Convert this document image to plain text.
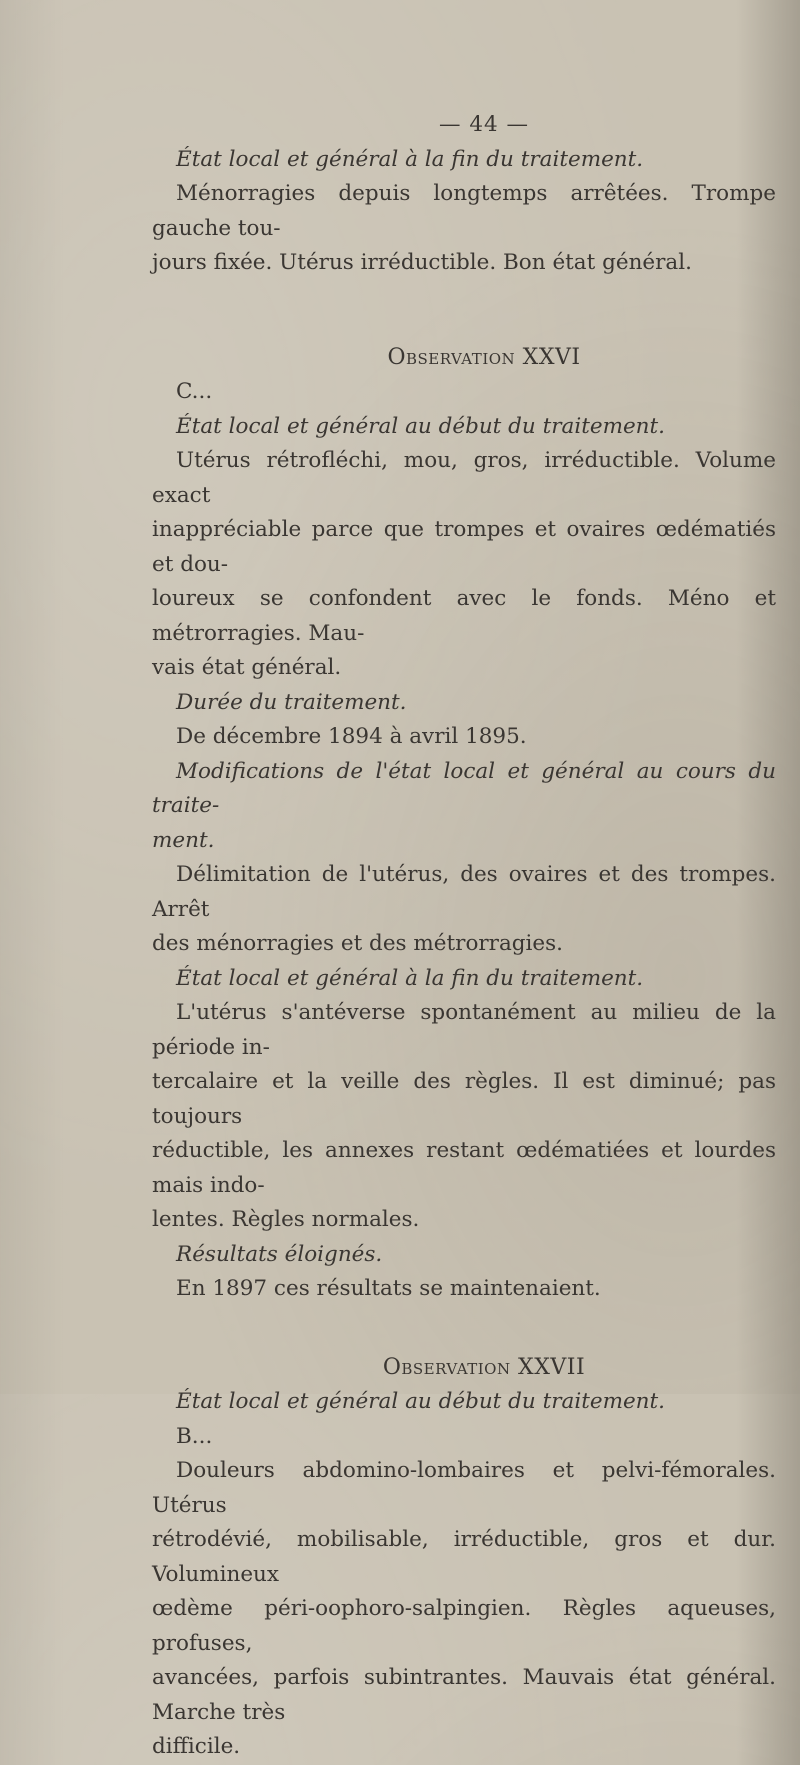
— 44 —

État local et général à la fin du traitement.

Ménorragies depuis longtemps arrêtées. Trompe gauche tou-

jours fixée. Utérus irréductible. Bon état général.

Observation XXVI

C...

État local et général au début du traitement.

Utérus rétrofléchi, mou, gros, irréductible. Volume exact

inappréciable parce que trompes et ovaires œdématiés et dou-

loureux se confondent avec le fonds. Méno et métrorragies. Mau-

vais état général.

Durée du traitement.

De décembre 1894 à avril 1895.

Modifications de l'état local et général au cours du traite-

ment.

Délimitation de l'utérus, des ovaires et des trompes. Arrêt

des ménorragies et des métrorragies.

État local et général à la fin du traitement.

L'utérus s'antéverse spontanément au milieu de la période in-

tercalaire et la veille des règles. Il est diminué; pas toujours

réductible, les annexes restant œdématiées et lourdes mais indo-

lentes. Règles normales.

Résultats éloignés.

En 1897 ces résultats se maintenaient.

Observation XXVII

État local et général au début du traitement.

B...

Douleurs abdomino-lombaires et pelvi-fémorales. Utérus

rétrodévié, mobilisable, irréductible, gros et dur. Volumineux

œdème péri-oophoro-salpingien. Règles aqueuses, profuses,

avancées, parfois subintrantes. Mauvais état général. Marche très

difficile.
